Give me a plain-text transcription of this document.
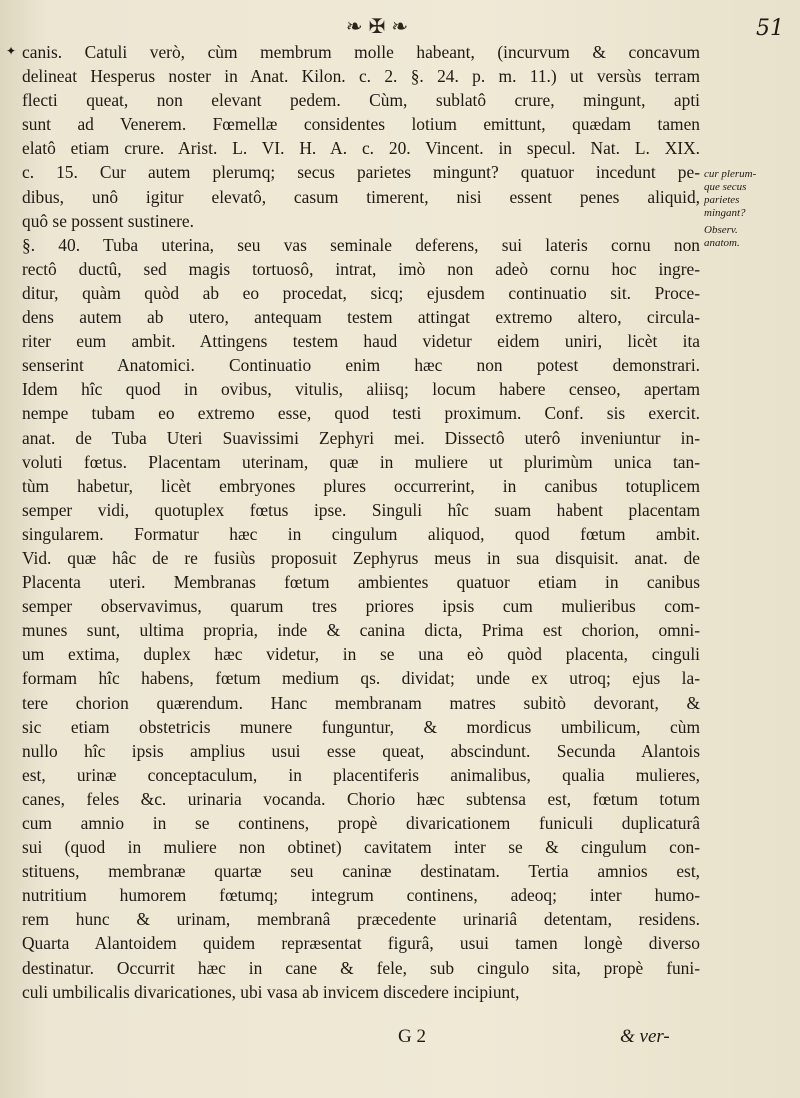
❧✠❧	51
✦ canis. Catuli verò, cùm membrum molle habeant, (incurvum & concavum
delineat Hesperus noster in Anat. Kilon. c. 2. §. 24. p. m. 11.) ut versùs terram
flecti queat, non elevant pedem. Cùm, sublatô crure, mingunt, apti
sunt ad Venerem. Fœmellæ considentes lotium emittunt, quædam tamen
elatô etiam crure. Arist. L. VI. H. A. c. 20. Vincent. in specul. Nat. L. XIX.
c. 15. Cur autem plerumq; secus parietes mingunt? quatuor incedunt pe-
dibus, unô igitur elevatô, casum timerent, nisi essent penes aliquid,
quô se possent sustinere.
§. 40. Tuba uterina, seu vas seminale deferens, sui lateris cornu non
rectô ductû, sed magis tortuosô, intrat, imò non adeò cornu hoc ingre-
ditur, quàm quòd ab eo procedat, sicq; ejusdem continuatio sit. Proce-
dens autem ab utero, antequam testem attingat extremo altero, circula-
riter eum ambit. Attingens testem haud videtur eidem uniri, licèt ita
senserint Anatomici. Continuatio enim hæc non potest demonstrari.
Idem hîc quod in ovibus, vitulis, aliisq; locum habere censeo, apertam
nempe tubam eo extremo esse, quod testi proximum. Conf. sis exercit.
anat. de Tuba Uteri Suavissimi Zephyri mei. Dissectô uterô inveniuntur in-
voluti fœtus. Placentam uterinam, quæ in muliere ut plurimùm unica tan-
tùm habetur, licèt embryones plures occurrerint, in canibus totuplicem
semper vidi, quotuplex fœtus ipse. Singuli hîc suam habent placentam
singularem. Formatur hæc in cingulum aliquod, quod fœtum ambit.
Vid. quæ hâc de re fusiùs proposuit Zephyrus meus in sua disquisit. anat. de
Placenta uteri. Membranas fœtum ambientes quatuor etiam in canibus
semper observavimus, quarum tres priores ipsis cum mulieribus com-
munes sunt, ultima propria, inde & canina dicta, Prima est chorion, omni-
um extima, duplex hæc videtur, in se una eò quòd placenta, cinguli
formam hîc habens, fœtum medium qs. dividat; unde ex utroq; ejus la-
tere chorion quærendum. Hanc membranam matres subitò devorant, &
sic etiam obstetricis munere funguntur, & mordicus umbilicum, cùm
nullo hîc ipsis amplius usui esse queat, abscindunt. Secunda Alantois
est, urinæ conceptaculum, in placentiferis animalibus, qualia mulieres,
canes, feles &c. urinaria vocanda. Chorio hæc subtensa est, fœtum totum
cum amnio in se continens, propè divaricationem funiculi duplicaturâ
sui (quod in muliere non obtinet) cavitatem inter se & cingulum con-
stituens, membranæ quartæ seu caninæ destinatam. Tertia amnios est,
nutritium humorem fœtumq; integrum continens, adeoq; inter humo-
rem hunc & urinam, membranâ præcedente urinariâ detentam, residens.
Quarta Alantoidem quidem repræsentat figurâ, usui tamen longè diverso
destinatur. Occurrit hæc in cane & fele, sub cingulo sita, propè funi-
culi umbilicalis divaricationes, ubi vasa ab invicem discedere incipiunt,
cur plerum-
que secus
parietes
mingant?
Observ.
anatom.
G 2	& ver-
